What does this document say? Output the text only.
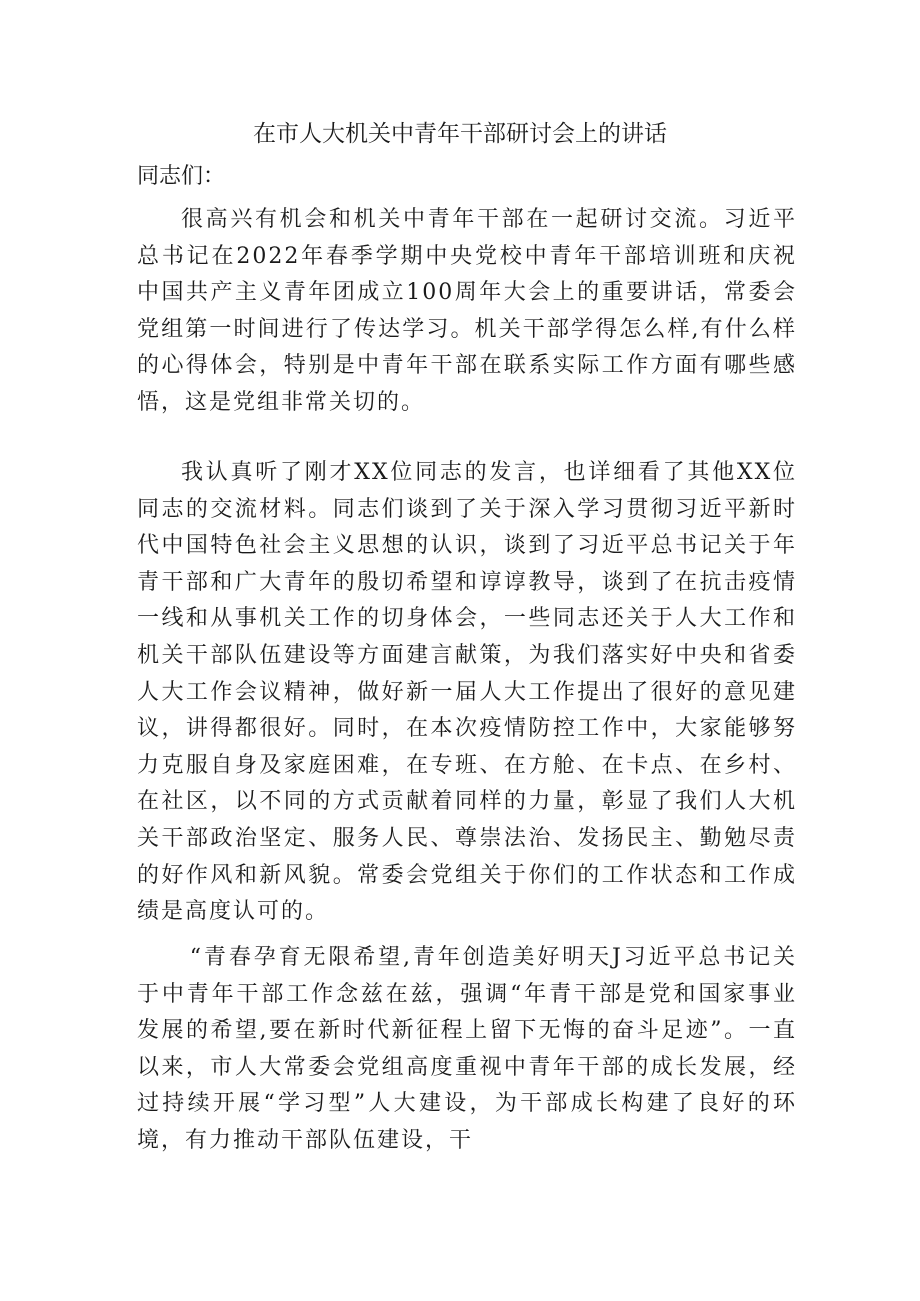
在市人大机关中青年干部研讨会上的讲话

同志们：

很高兴有机会和机关中青年干部在一起研讨交流。习近平总书记在2022年春季学期中央党校中青年干部培训班和庆祝中国共产主义青年团成立100周年大会上的重要讲话，常委会党组第一时间进行了传达学习。机关干部学得怎么样,有什么样的心得体会，特别是中青年干部在联系实际工作方面有哪些感悟，这是党组非常关切的。

我认真听了刚才XX位同志的发言，也详细看了其他XX位同志的交流材料。同志们谈到了关于深入学习贯彻习近平新时代中国特色社会主义思想的认识，谈到了习近平总书记关于年青干部和广大青年的殷切希望和谆谆教导，谈到了在抗击疫情一线和从事机关工作的切身体会，一些同志还关于人大工作和机关干部队伍建设等方面建言献策，为我们落实好中央和省委人大工作会议精神，做好新一届人大工作提出了很好的意见建议，讲得都很好。同时，在本次疫情防控工作中，大家能够努力克服自身及家庭困难，在专班、在方舱、在卡点、在乡村、在社区，以不同的方式贡献着同样的力量，彰显了我们人大机关干部政治坚定、服务人民、尊崇法治、发扬民主、勤勉尽责的好作风和新风貌。常委会党组关于你们的工作状态和工作成绩是高度认可的。

“青春孕育无限希望,青年创造美好明天J习近平总书记关于中青年干部工作念兹在兹，强调“年青干部是党和国家事业发展的希望,要在新时代新征程上留下无悔的奋斗足迹”。一直以来，市人大常委会党组高度重视中青年干部的成长发展，经过持续开展“学习型”人大建设，为干部成长构建了良好的环境，有力推动干部队伍建设，干
